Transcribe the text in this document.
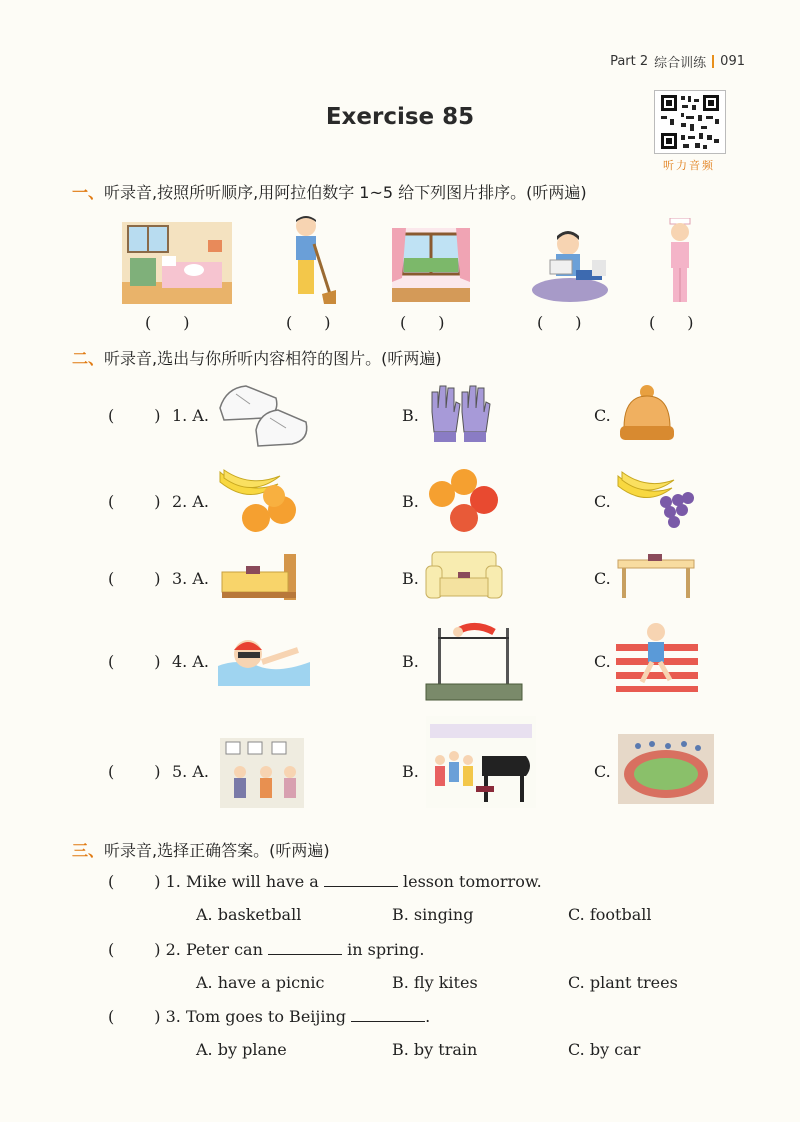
Part 2 综合训练 091
Exercise 85
听力音频
一、听录音,按照所听顺序,用阿拉伯数字 1~5 给下列图片排序。(听两遍)
(　　)	(　　)	(　　)	(　　)	(　　)
二、听录音,选出与你所听内容相符的图片。(听两遍)
(	) 1. A.	B.	C.
(	) 2. A.	B.	C.
(	) 3. A.	B.	C.
(	) 4. A.	B.	C.
(	) 5. A.	B.	C.
三、听录音,选择正确答案。(听两遍)
(	) 1. Mike will have a	lesson tomorrow.
A. basketball	B. singing	C. football
(	) 2. Peter can	in spring.
A. have a picnic	B. fly kites	C. plant trees
(	) 3. Tom goes to Beijing	.
A. by plane	B. by train	C. by car
